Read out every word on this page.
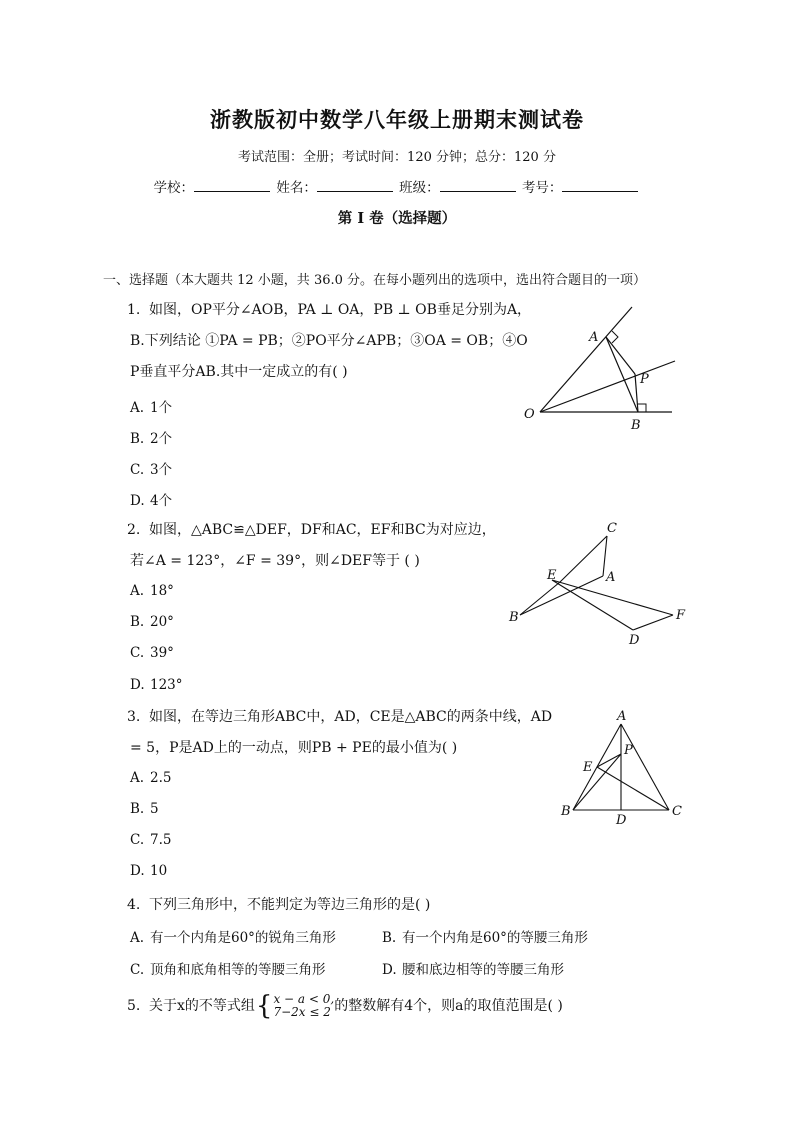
浙教版初中数学八年级上册期末测试卷
考试范围：全册；考试时间：120 分钟；总分：120 分
学校：	姓名：	班级：	考号：
第 I 卷（选择题）
一、选择题（本大题共 12 小题，共 36.0 分。在每小题列出的选项中，选出符合题目的一项）
1. 如图，OP平分∠AOB，PA ⊥ OA，PB ⊥ OB垂足分别为A，
B.下列结论 ①PA = PB；②PO平分∠APB；③OA = OB；④O
P垂直平分AB.其中一定成立的有( )
A. 1个
B. 2个
C. 3个
D. 4个
A
P
O
B
2. 如图，△ABC≌△DEF，DF和AC，EF和BC为对应边，
若∠A = 123°，∠F = 39°，则∠DEF等于 ( )
A. 18°
B. 20°
C. 39°
D. 123°
C
E	A
B	F
D
3. 如图，在等边三角形ABC中，AD，CE是△ABC的两条中线，AD
= 5，P是AD上的一动点，则PB + PE的最小值为( )
A. 2.5
B. 5
C. 7.5
D. 10
A
P
E
B
D
C
4. 下列三角形中，不能判定为等边三角形的是( )
A. 有一个内角是60°的锐角三角形	B. 有一个内角是60°的等腰三角形
C. 顶角和底角相等的等腰三角形	D. 腰和底边相等的等腰三角形
5. 关于x的不等式组 { x − a < 0,
7−2x ≤ 2 的整数解有4个，则a的取值范围是( )
